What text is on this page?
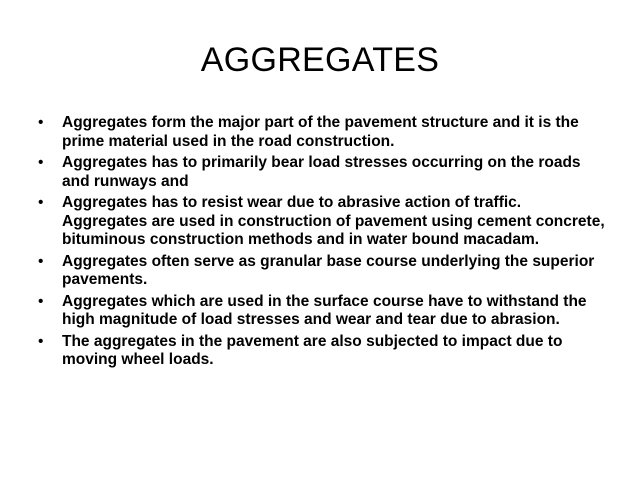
AGGREGATES
• Aggregates form the major part of the pavement structure and it is the prime material used in the road construction.
• Aggregates has to primarily bear load stresses occurring on the roads and runways and
• Aggregates has to resist wear due to abrasive action of traffic. Aggregates are used in construction of pavement using cement concrete, bituminous construction methods and in water bound macadam.
• Aggregates often serve as granular base course underlying the superior pavements.
• Aggregates which are used in the surface course have to withstand the high magnitude of load stresses and wear and tear due to abrasion.
• The aggregates in the pavement are also subjected to impact due to moving wheel loads.
